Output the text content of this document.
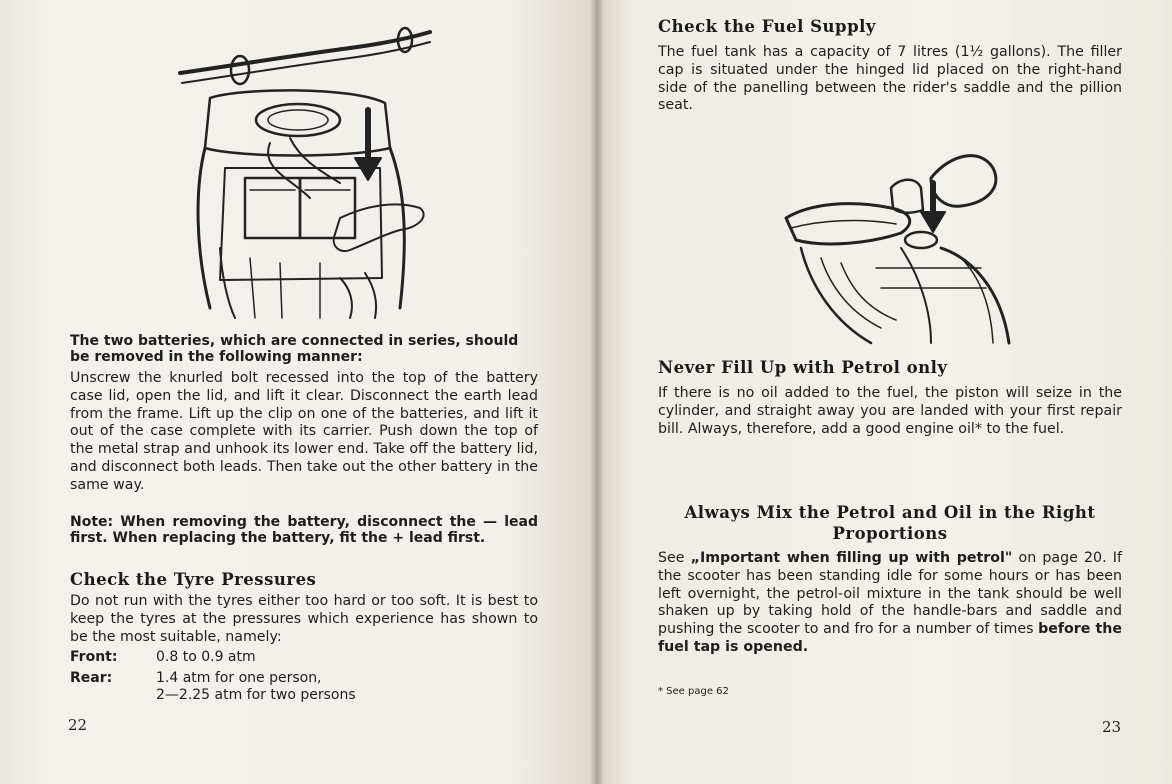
The two batteries, which are connected in series, should be removed in the following manner:
Unscrew the knurled bolt recessed into the top of the battery case lid, open the lid, and lift it clear. Disconnect the earth lead from the frame. Lift up the clip on one of the batteries, and lift it out of the case complete with its carrier. Push down the top of the metal strap and unhook its lower end. Take off the battery lid, and disconnect both leads. Then take out the other battery in the same way.
Note: When removing the battery, disconnect the — lead first. When replacing the battery, fit the + lead first.
Check the Tyre Pressures
Do not run with the tyres either too hard or too soft. It is best to keep the tyres at the pressures which experience has shown to be the most suitable, namely:
Front:	0.8 to 0.9 atm
Rear:	1.4 atm for one person,
2—2.25 atm for two persons
22
Check the Fuel Supply
The fuel tank has a capacity of 7 litres (1½ gallons). The filler cap is situated under the hinged lid placed on the right-hand side of the panelling between the rider's saddle and the pillion seat.
Never Fill Up with Petrol only
If there is no oil added to the fuel, the piston will seize in the cylinder, and straight away you are landed with your first repair bill. Always, therefore, add a good engine oil* to the fuel.
Always Mix the Petrol and Oil in the Right Proportions
See „Important when filling up with petrol" on page 20. If the scooter has been standing idle for some hours or has been left overnight, the petrol-oil mixture in the tank should be well shaken up by taking hold of the handle-bars and saddle and pushing the scooter to and fro for a number of times before the fuel tap is opened.
* See page 62
23
